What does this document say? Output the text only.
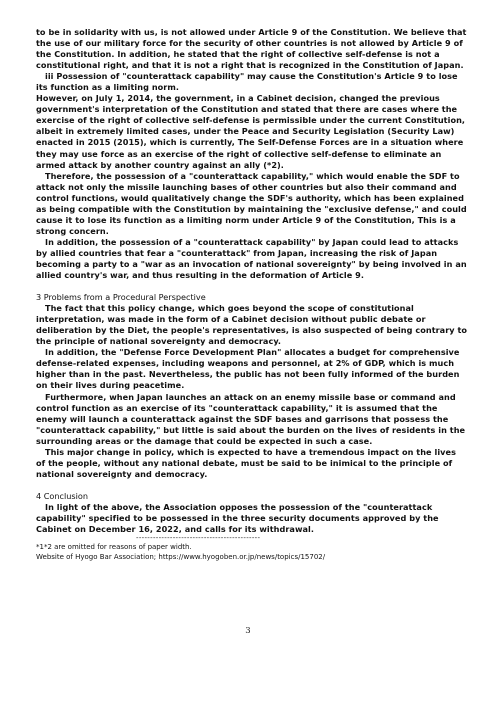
to be in solidarity with us, is not allowed under Article 9 of the Constitution. We believe that the use of our military force for the security of other countries is not allowed by Article 9 of the Constitution. In addition, he stated that the right of collective self-defense is not a constitutional right, and that it is not a right that is recognized in the Constitution of Japan.

iii Possession of "counterattack capability" may cause the Constitution's Article 9 to lose its function as a limiting norm.

However, on July 1, 2014, the government, in a Cabinet decision, changed the previous government's interpretation of the Constitution and stated that there are cases where the exercise of the right of collective self-defense is permissible under the current Constitution, albeit in extremely limited cases, under the Peace and Security Legislation (Security Law) enacted in 2015 (2015), which is currently, The Self-Defense Forces are in a situation where they may use force as an exercise of the right of collective self-defense to eliminate an armed attack by another country against an ally (*2).

Therefore, the possession of a "counterattack capability," which would enable the SDF to attack not only the missile launching bases of other countries but also their command and control functions, would qualitatively change the SDF's authority, which has been explained as being compatible with the Constitution by maintaining the "exclusive defense," and could cause it to lose its function as a limiting norm under Article 9 of the Constitution, This is a strong concern.

In addition, the possession of a "counterattack capability" by Japan could lead to attacks by allied countries that fear a "counterattack" from Japan, increasing the risk of Japan becoming a party to a "war as an invocation of national sovereignty" by being involved in an allied country's war, and thus resulting in the deformation of Article 9.

3 Problems from a Procedural Perspective

The fact that this policy change, which goes beyond the scope of constitutional interpretation, was made in the form of a Cabinet decision without public debate or deliberation by the Diet, the people's representatives, is also suspected of being contrary to the principle of national sovereignty and democracy.

In addition, the "Defense Force Development Plan" allocates a budget for comprehensive defense-related expenses, including weapons and personnel, at 2% of GDP, which is much higher than in the past. Nevertheless, the public has not been fully informed of the burden on their lives during peacetime.

Furthermore, when Japan launches an attack on an enemy missile base or command and control function as an exercise of its "counterattack capability," it is assumed that the enemy will launch a counterattack against the SDF bases and garrisons that possess the "counterattack capability," but little is said about the burden on the lives of residents in the surrounding areas or the damage that could be expected in such a case.

This major change in policy, which is expected to have a tremendous impact on the lives of the people, without any national debate, must be said to be inimical to the principle of national sovereignty and democracy.

4 Conclusion

In light of the above, the Association opposes the possession of the "counterattack capability" specified to be possessed in the three security documents approved by the Cabinet on December 16, 2022, and calls for its withdrawal.

--------------------------------------------

*1*2 are omitted for reasons of paper width.

Website of Hyogo Bar Association; https://www.hyogoben.or.jp/news/topics/15702/

3
